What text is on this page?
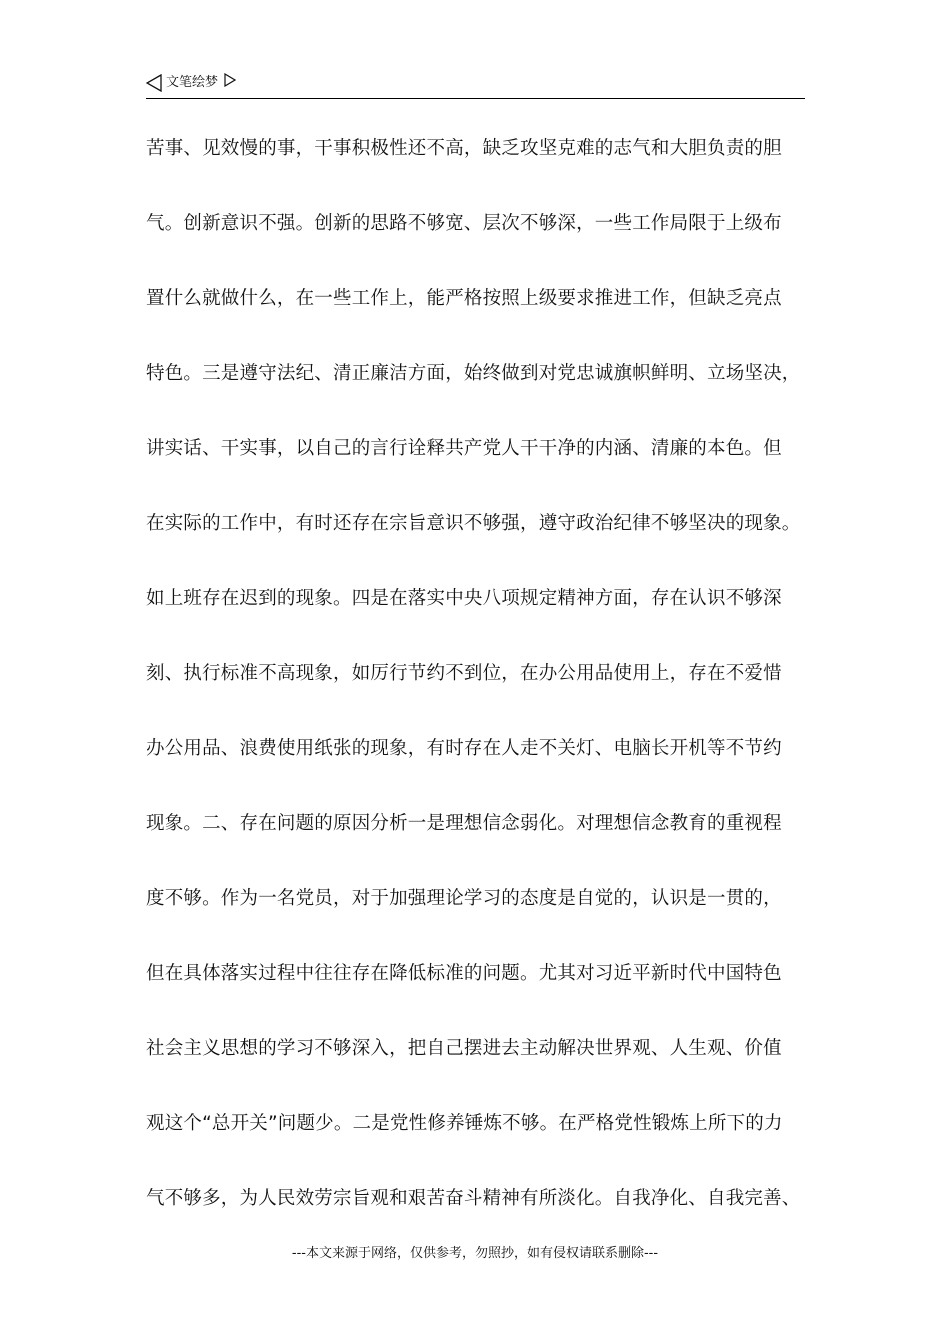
文笔绘梦
苦事、见效慢的事，干事积极性还不高，缺乏攻坚克难的志气和大胆负责的胆
气。创新意识不强。创新的思路不够宽、层次不够深，一些工作局限于上级布
置什么就做什么，在一些工作上，能严格按照上级要求推进工作，但缺乏亮点
特色。三是遵守法纪、清正廉洁方面，始终做到对党忠诚旗帜鲜明、立场坚决，
讲实话、干实事，以自己的言行诠释共产党人干干净的内涵、清廉的本色。但
在实际的工作中，有时还存在宗旨意识不够强，遵守政治纪律不够坚决的现象。
如上班存在迟到的现象。四是在落实中央八项规定精神方面，存在认识不够深
刻、执行标准不高现象，如厉行节约不到位，在办公用品使用上，存在不爱惜
办公用品、浪费使用纸张的现象，有时存在人走不关灯、电脑长开机等不节约
现象。二、存在问题的原因分析一是理想信念弱化。对理想信念教育的重视程
度不够。作为一名党员，对于加强理论学习的态度是自觉的，认识是一贯的，
但在具体落实过程中往往存在降低标准的问题。尤其对习近平新时代中国特色
社会主义思想的学习不够深入，把自己摆进去主动解决世界观、人生观、价值
观这个“总开关”问题少。二是党性修养锤炼不够。在严格党性锻炼上所下的力
气不够多，为人民效劳宗旨观和艰苦奋斗精神有所淡化。自我净化、自我完善、
---本文来源于网络，仅供参考，勿照抄，如有侵权请联系删除---
